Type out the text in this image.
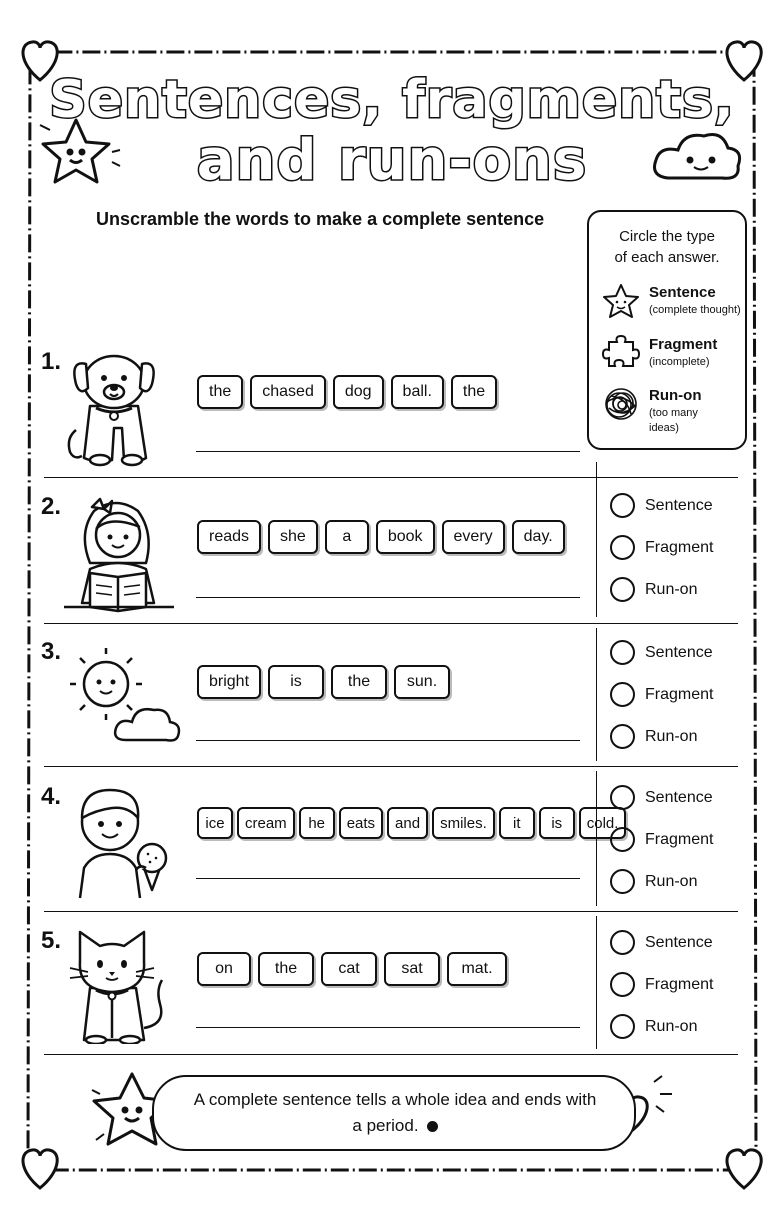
Sentences, fragments,
and run-ons
Unscramble the words to make a complete sentence
Circle the type
of each answer.
Sentence
(complete thought)
Fragment
(incomplete)
Run-on
(too many
ideas)
1.
the	chased	dog	ball.	the
2.
reads	she	a	book	every	day.
Sentence
Fragment
Run-on
3.
bright	is	the	sun.
Sentence
Fragment
Run-on
4.
ice	cream	he	eats	and	smiles.	it	is	cold.
Sentence
Fragment
Run-on
5.
on	the	cat	sat	mat.
Sentence
Fragment
Run-on
A complete sentence tells a whole idea and ends with
a period.
